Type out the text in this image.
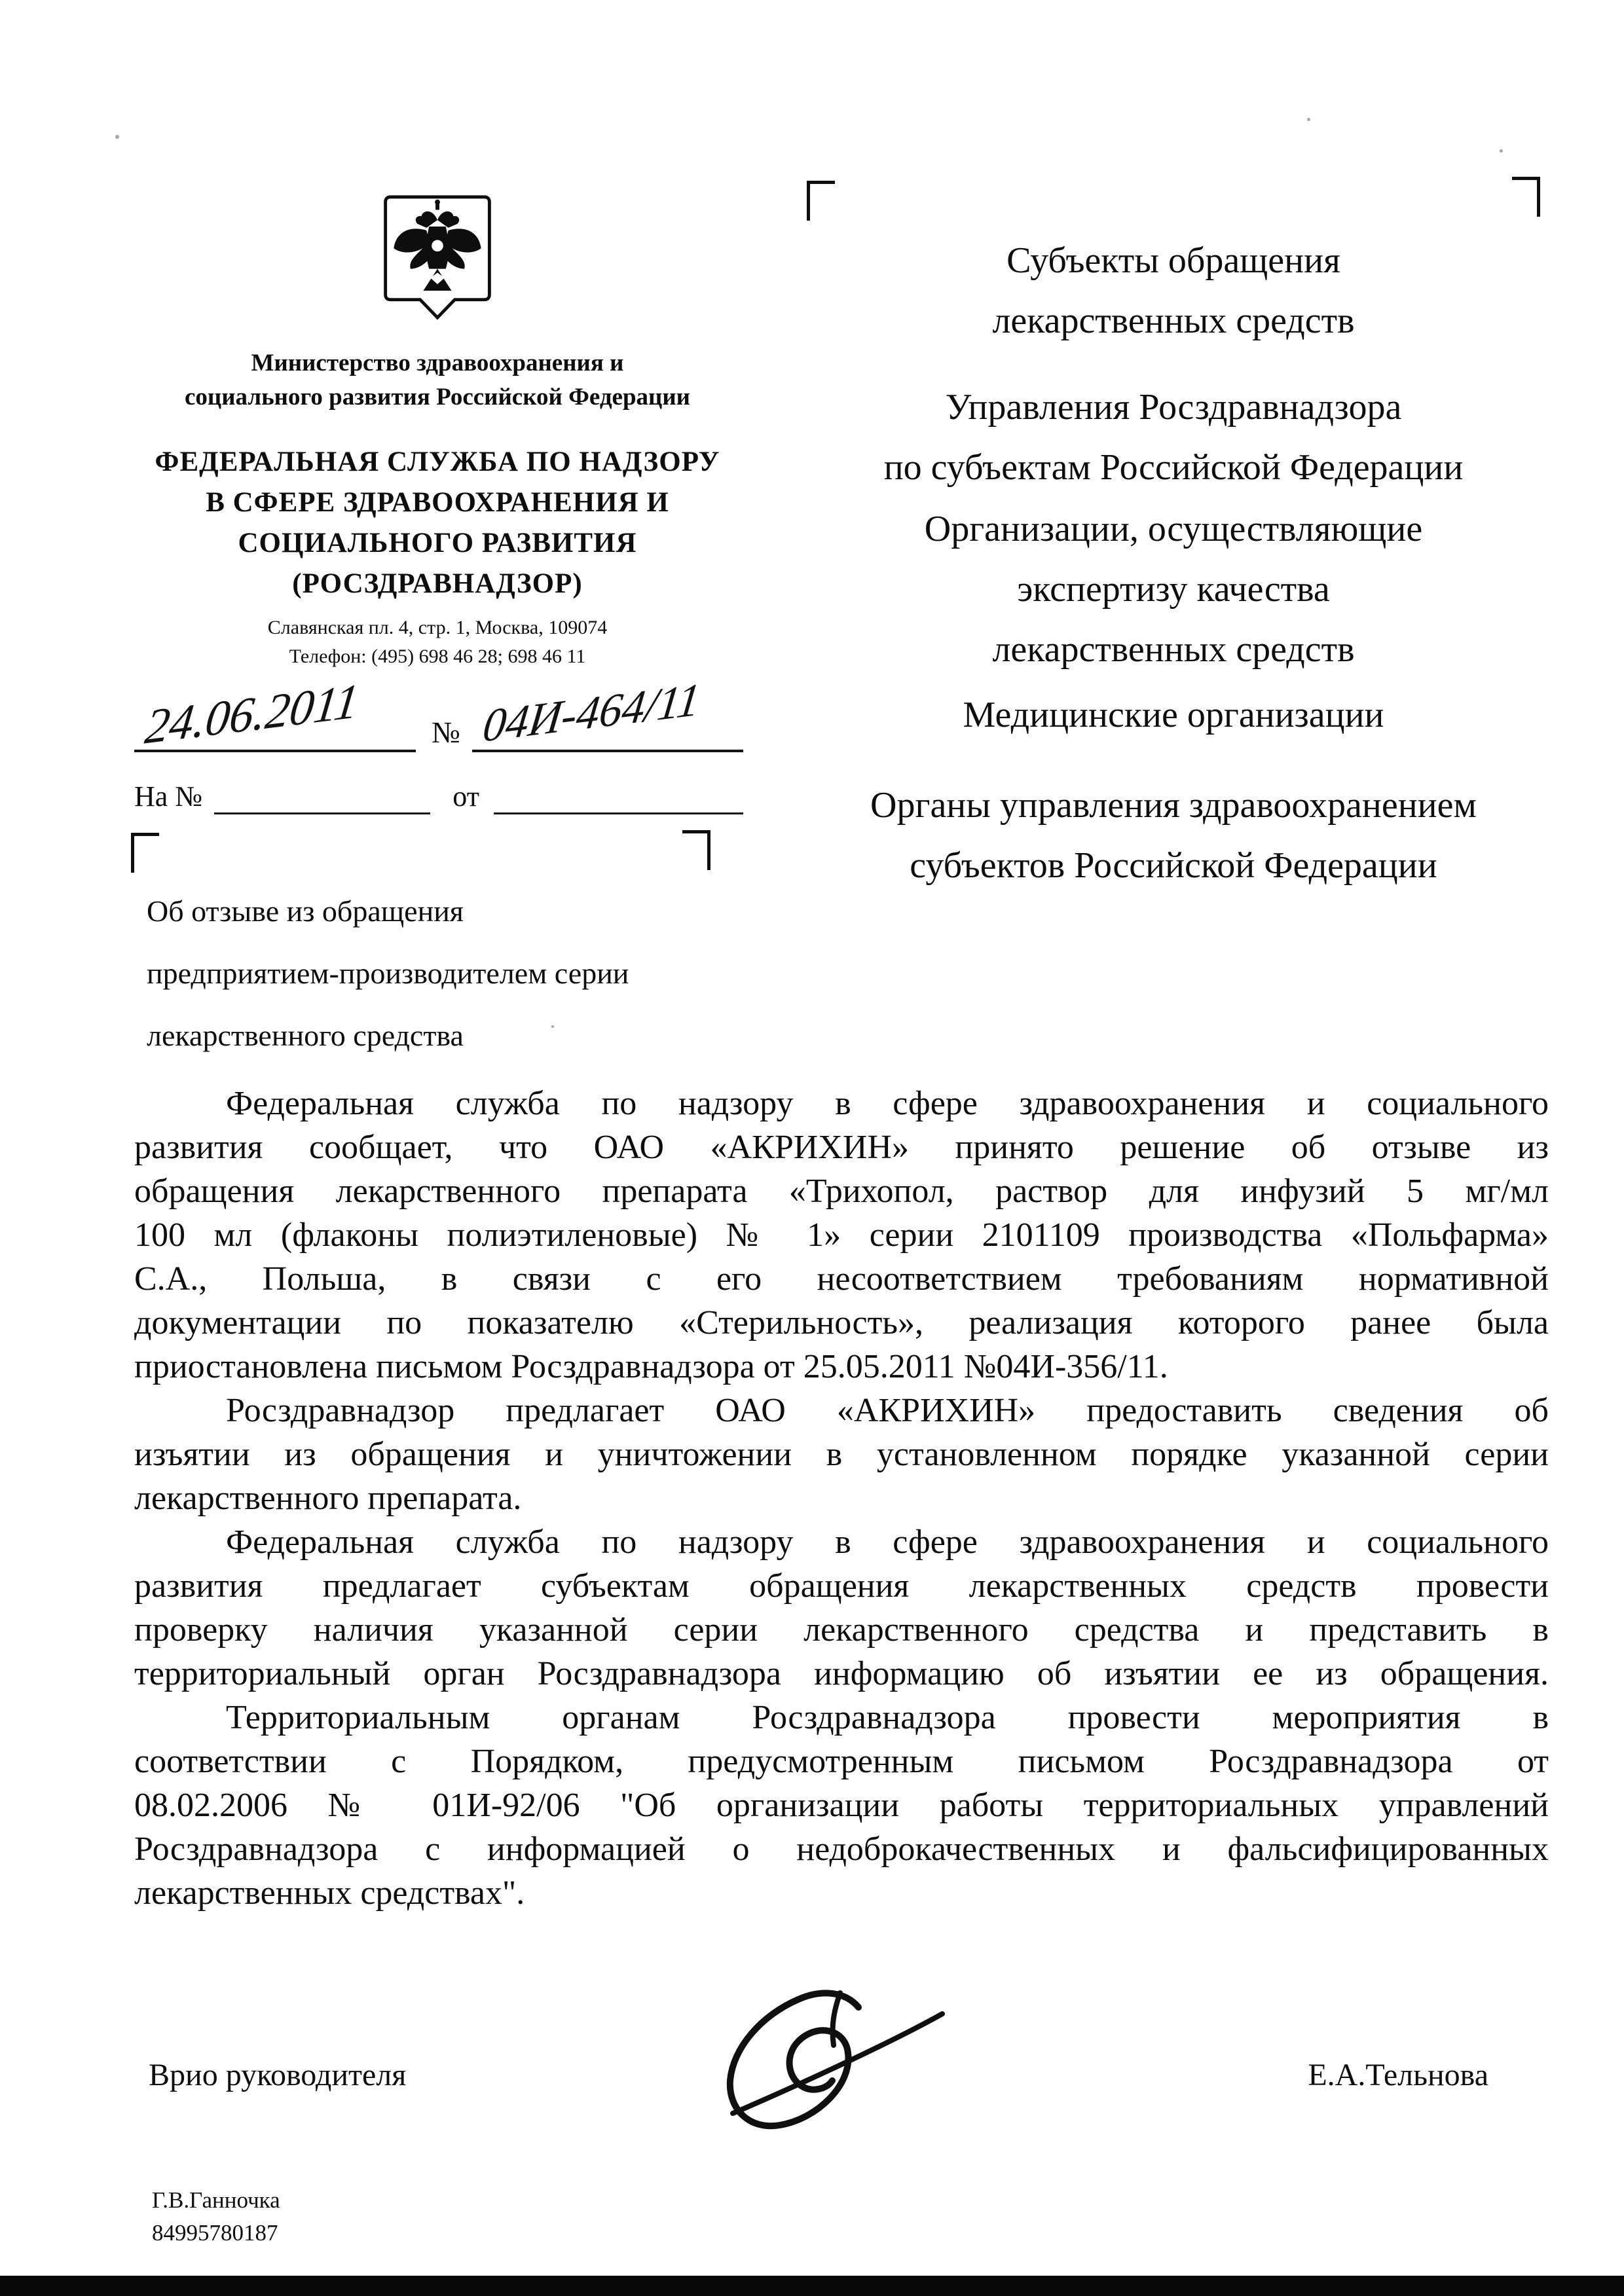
Министерство здравоохранения и
социального развития Российской Федерации
ФЕДЕРАЛЬНАЯ СЛУЖБА ПО НАДЗОРУ
В СФЕРЕ ЗДРАВООХРАНЕНИЯ И
СОЦИАЛЬНОГО РАЗВИТИЯ
(РОСЗДРАВНАДЗОР)
Славянская пл. 4, стр. 1, Москва, 109074
Телефон: (495) 698 46 28; 698 46 11
24.06.2011	№ 04И-464/11
На №	от
Об отзыве из обращения
предприятием-производителем серии
лекарственного средства
Субъекты обращения
лекарственных средств
Управления Росздравнадзора
по субъектам Российской Федерации
Организации, осуществляющие
экспертизу качества
лекарственных средств
Медицинские организации
Органы управления здравоохранением
субъектов Российской Федерации
Федеральная служба по надзору в сфере здравоохранения и социального
развития сообщает, что ОАО «АКРИХИН» принято решение об отзыве из
обращения лекарственного препарата «Трихопол, раствор для инфузий 5 мг/мл
100 мл (флаконы полиэтиленовые) № 1» серии 2101109 производства «Польфарма»
С.А., Польша, в связи с его несоответствием требованиям нормативной
документации по показателю «Стерильность», реализация которого ранее была
приостановлена письмом Росздравнадзора от 25.05.2011 №04И-356/11.
Росздравнадзор предлагает ОАО «АКРИХИН» предоставить сведения об
изъятии из обращения и уничтожении в установленном порядке указанной серии
лекарственного препарата.
Федеральная служба по надзору в сфере здравоохранения и социального
развития предлагает субъектам обращения лекарственных средств провести
проверку наличия указанной серии лекарственного средства и представить в
территориальный орган Росздравнадзора информацию об изъятии ее из обращения.
Территориальным органам Росздравнадзора провести мероприятия в
соответствии с Порядком, предусмотренным письмом Росздравнадзора от
08.02.2006 № 01И-92/06 "Об организации работы территориальных управлений
Росздравнадзора с информацией о недоброкачественных и фальсифицированных
лекарственных средствах".
Врио руководителя	Е.А.Тельнова
Г.В.Ганночка
84995780187
